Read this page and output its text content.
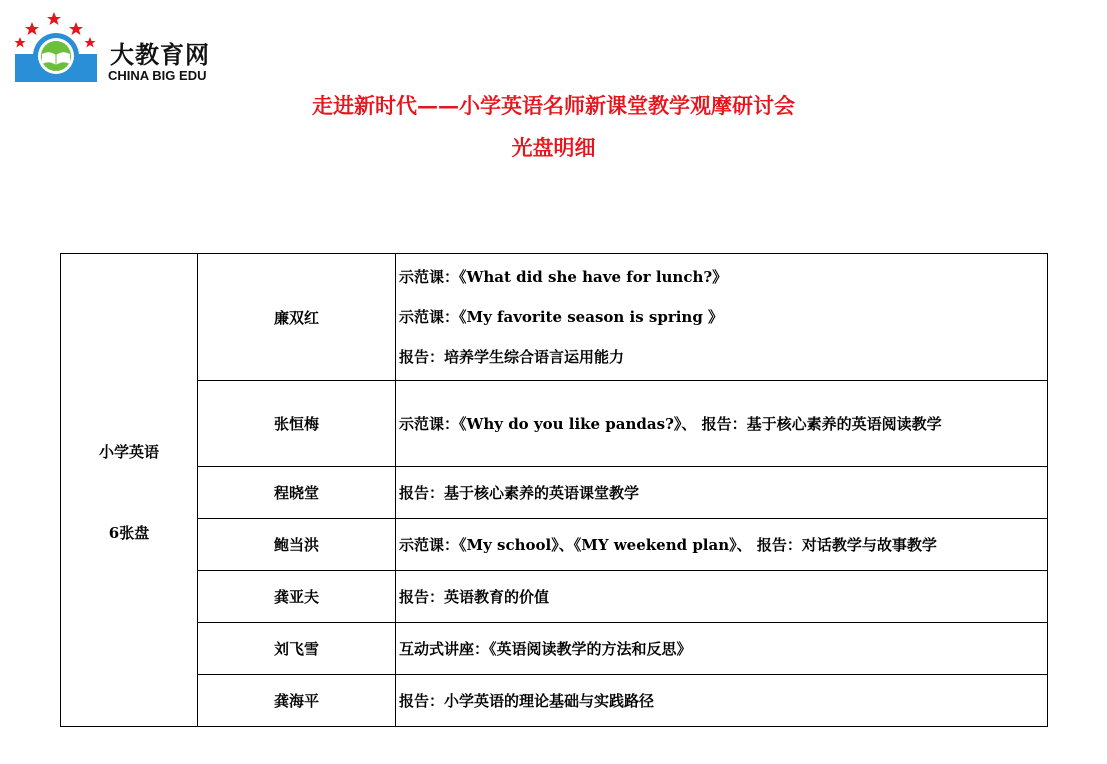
大教育网
CHINA BIG EDU
走进新时代——小学英语名师新课堂教学观摩研讨会
光盘明细
小学英语
6张盘	廉双红	示范课：《What did she have for lunch?》
示范课：《My favorite season is spring 》
报告：培养学生综合语言运用能力

	张恒梅	示范课：《Why do you like pandas?》、 报告：基于核心素养的英语阅读教学

	程晓堂	报告：基于核心素养的英语课堂教学

	鲍当洪	示范课：《My school》、《MY weekend plan》、 报告：对话教学与故事教学

	龚亚夫	报告：英语教育的价值

	刘飞雪	互动式讲座：《英语阅读教学的方法和反思》

	龚海平	报告：小学英语的理论基础与实践路径
